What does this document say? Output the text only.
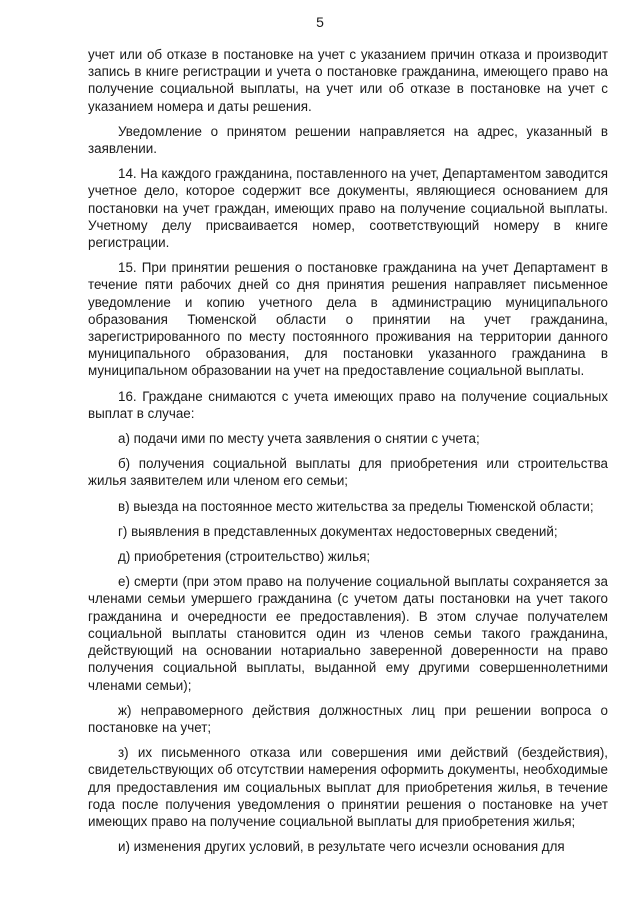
5

учет или об отказе в постановке на учет с указанием причин отказа и производит запись в книге регистрации и учета о постановке гражданина, имеющего право на получение социальной выплаты, на учет или об отказе в постановке на учет с указанием номера и даты решения.

Уведомление о принятом решении направляется на адрес, указанный в заявлении.

14. На каждого гражданина, поставленного на учет, Департаментом заводится учетное дело, которое содержит все документы, являющиеся основанием для постановки на учет граждан, имеющих право на получение социальной выплаты. Учетному делу присваивается номер, соответствующий номеру в книге регистрации.

15. При принятии решения о постановке гражданина на учет Департамент в течение пяти рабочих дней со дня принятия решения направляет письменное уведомление и копию учетного дела в администрацию муниципального образования Тюменской области о принятии на учет гражданина, зарегистрированного по месту постоянного проживания на территории данного муниципального образования, для постановки указанного гражданина в муниципальном образовании на учет на предоставление социальной выплаты.

16. Граждане снимаются с учета имеющих право на получение социальных выплат в случае:

а) подачи ими по месту учета заявления о снятии с учета;

б) получения социальной выплаты для приобретения или строительства жилья заявителем или членом его семьи;

в) выезда на постоянное место жительства за пределы Тюменской области;

г) выявления в представленных документах недостоверных сведений;

д) приобретения (строительство) жилья;

е) смерти (при этом право на получение социальной выплаты сохраняется за членами семьи умершего гражданина (с учетом даты постановки на учет такого гражданина и очередности ее предоставления). В этом случае получателем социальной выплаты становится один из членов семьи такого гражданина, действующий на основании нотариально заверенной доверенности на право получения социальной выплаты, выданной ему другими совершеннолетними членами семьи);

ж) неправомерного действия должностных лиц при решении вопроса о постановке на учет;

з) их письменного отказа или совершения ими действий (бездействия), свидетельствующих об отсутствии намерения оформить документы, необходимые для предоставления им социальных выплат для приобретения жилья, в течение года после получения уведомления о принятии решения о постановке на учет имеющих право на получение социальной выплаты для приобретения жилья;

и) изменения других условий, в результате чего исчезли основания для
